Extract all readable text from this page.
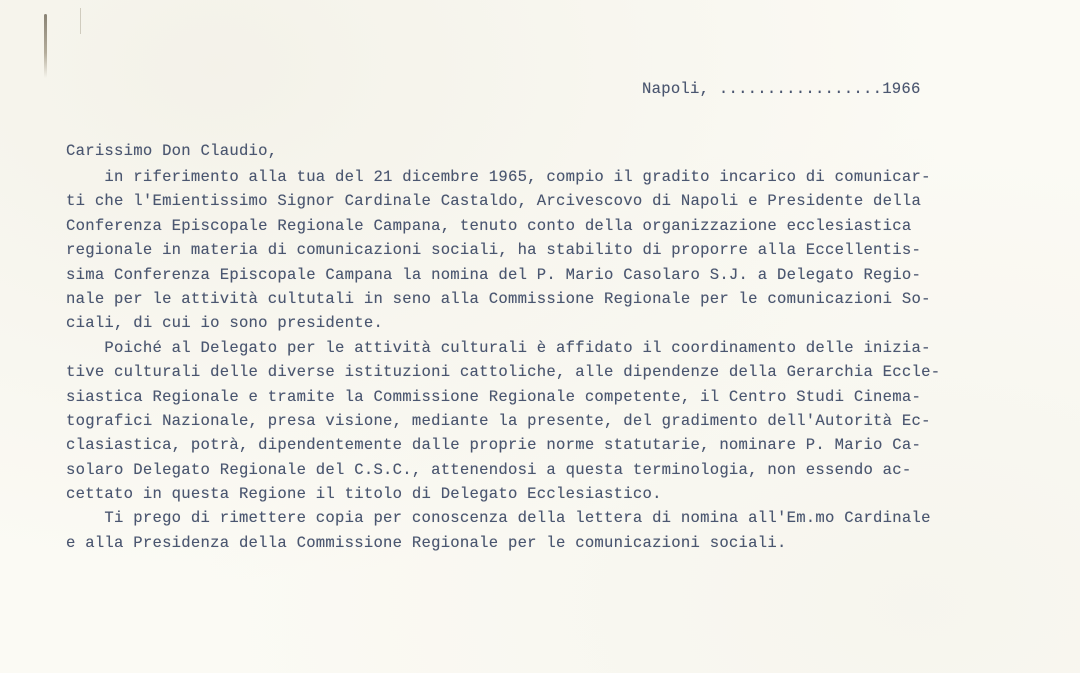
Napoli, .................1966
Carissimo Don Claudio,
in riferimento alla tua del 21 dicembre 1965, compio il gradito incarico di comunicar-
ti che l'Emientissimo Signor Cardinale Castaldo, Arcivescovo di Napoli e Presidente della
Conferenza Episcopale Regionale Campana, tenuto conto della organizzazione ecclesiastica
regionale in materia di comunicazioni sociali, ha stabilito di proporre alla Eccellentis-
sima Conferenza Episcopale Campana la nomina del P. Mario Casolaro S.J. a Delegato Regio-
nale per le attività cultutali in seno alla Commissione Regionale per le comunicazioni So-
ciali, di cui io sono presidente.
Poiché al Delegato per le attività culturali è affidato il coordinamento delle inizia-
tive culturali delle diverse istituzioni cattoliche, alle dipendenze della Gerarchia Eccle-
siastica Regionale e tramite la Commissione Regionale competente, il Centro Studi Cinema-
tografici Nazionale, presa visione, mediante la presente, del gradimento dell'Autorità Ec-
clasiastica, potrà, dipendentemente dalle proprie norme statutarie, nominare P. Mario Ca-
solaro Delegato Regionale del C.S.C., attenendosi a questa terminologia, non essendo ac-
cettato in questa Regione il titolo di Delegato Ecclesiastico.
Ti prego di rimettere copia per conoscenza della lettera di nomina all'Em.mo Cardinale
e alla Presidenza della Commissione Regionale per le comunicazioni sociali.
